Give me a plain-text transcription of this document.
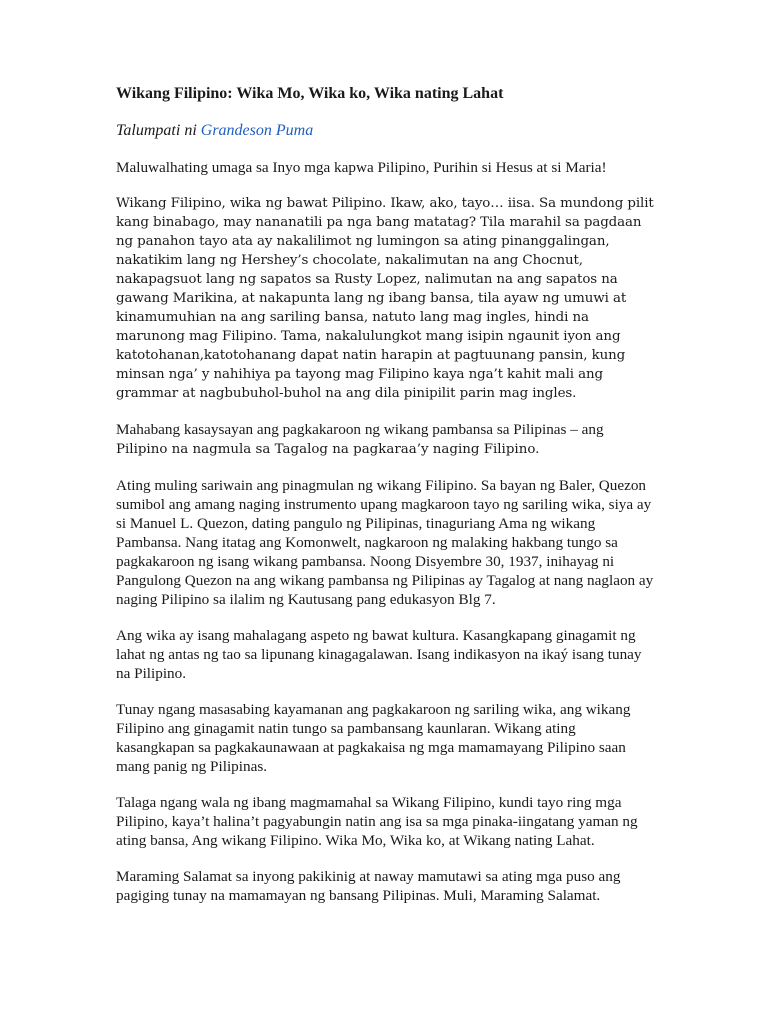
Wikang Filipino: Wika Mo, Wika ko, Wika nating Lahat
Talumpati ni Grandeson Puma

Maluwalhating umaga sa Inyo mga kapwa Pilipino, Purihin si Hesus at si Maria!

Wikang Filipino, wika ng bawat Pilipino. Ikaw, ako, tayo… iisa. Sa mundong pilit kang binabago, may nananatili pa nga bang matatag? Tila marahil sa pagdaan ng panahon tayo ata ay nakalilimot ng lumingon sa ating pinanggalingan, nakatikim lang ng Hershey’s chocolate, nakalimutan na ang Chocnut, nakapagsuot lang ng sapatos sa Rusty Lopez, nalimutan na ang sapatos na gawang Marikina, at nakapunta lang ng ibang bansa, tila ayaw ng umuwi at kinamumuhian na ang sariling bansa, natuto lang mag ingles, hindi na marunong mag Filipino. Tama, nakalulungkot mang isipin ngaunit iyon ang katotohanan,katotohanang dapat natin harapin at pagtuunang pansin, kung minsan nga’ y nahihiya pa tayong mag Filipino kaya nga’t kahit mali ang grammar at nagbubuhol-buhol na ang dila pinipilit parin mag ingles.

Mahabang kasaysayan ang pagkakaroon ng wikang pambansa sa Pilipinas – ang
Pilipino na nagmula sa Tagalog na pagkaraa’y naging Filipino.

Ating muling sariwain ang pinagmulan ng wikang Filipino. Sa bayan ng Baler, Quezon sumibol ang amang naging instrumento upang magkaroon tayo ng sariling wika, siya ay si Manuel L. Quezon, dating pangulo ng Pilipinas, tinaguriang Ama ng wikang Pambansa. Nang itatag ang Komonwelt, nagkaroon ng malaking hakbang tungo sa pagkakaroon ng isang wikang pambansa. Noong Disyembre 30, 1937, inihayag ni Pangulong Quezon na ang wikang pambansa ng Pilipinas ay Tagalog at nang naglaon ay naging Pilipino sa ilalim ng Kautusang pang edukasyon Blg 7.

Ang wika ay isang mahalagang aspeto ng bawat kultura. Kasangkapang ginagamit ng lahat ng antas ng tao sa lipunang kinagagalawan. Isang indikasyon na ikaý isang tunay na Pilipino.

Tunay ngang masasabing kayamanan ang pagkakaroon ng sariling wika, ang wikang Filipino ang ginagamit natin tungo sa pambansang kaunlaran. Wikang ating kasangkapan sa pagkakaunawaan at pagkakaisa ng mga mamamayang Pilipino saan mang panig ng Pilipinas.

Talaga ngang wala ng ibang magmamahal sa Wikang Filipino, kundi tayo ring mga Pilipino, kaya’t halina’t pagyabungin natin ang isa sa mga pinaka-iingatang yaman ng ating bansa, Ang wikang Filipino. Wika Mo, Wika ko, at Wikang nating Lahat.

Maraming Salamat sa inyong pakikinig at naway mamutawi sa ating mga puso ang pagiging tunay na mamamayan ng bansang Pilipinas. Muli, Maraming Salamat.
